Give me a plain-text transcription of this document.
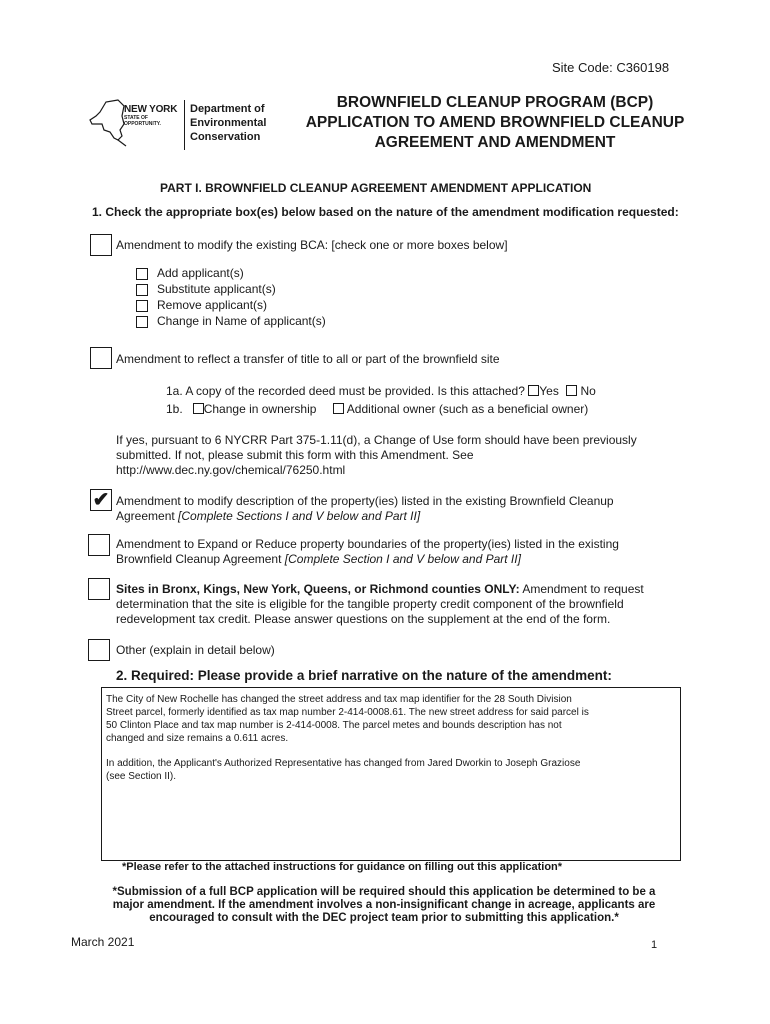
Site Code: C360198
NEW YORK
STATE OF
OPPORTUNITY.
Department of
Environmental
Conservation
BROWNFIELD CLEANUP PROGRAM (BCP)
APPLICATION TO AMEND BROWNFIELD CLEANUP
AGREEMENT AND AMENDMENT
PART I. BROWNFIELD CLEANUP AGREEMENT AMENDMENT APPLICATION
1. Check the appropriate box(es) below based on the nature of the amendment modification requested:
Amendment to modify the existing BCA: [check one or more boxes below]
Add applicant(s)
Substitute applicant(s)
Remove applicant(s)
Change in Name of applicant(s)
Amendment to reflect a transfer of title to all or part of the brownfield site
1a. A copy of the recorded deed must be provided. Is this attached? Yes No
1b. Change in ownership	Additional owner (such as a beneficial owner)
If yes, pursuant to 6 NYCRR Part 375-1.11(d), a Change of Use form should have been previously
submitted. If not, please submit this form with this Amendment. See
http://www.dec.ny.gov/chemical/76250.html
✔ Amendment to modify description of the property(ies) listed in the existing Brownfield Cleanup
Agreement [Complete Sections I and V below and Part II]
Amendment to Expand or Reduce property boundaries of the property(ies) listed in the existing
Brownfield Cleanup Agreement [Complete Section I and V below and Part II]
Sites in Bronx, Kings, New York, Queens, or Richmond counties ONLY: Amendment to request
determination that the site is eligible for the tangible property credit component of the brownfield
redevelopment tax credit. Please answer questions on the supplement at the end of the form.
Other (explain in detail below)
2. Required: Please provide a brief narrative on the nature of the amendment:

The City of New Rochelle has changed the street address and tax map identifier for the 28 South Division
Street parcel, formerly identified as tax map number 2-414-0008.61. The new street address for said parcel is
50 Clinton Place and tax map number is 2-414-0008. The parcel metes and bounds description has not
changed and size remains a 0.611 acres.

In addition, the Applicant's Authorized Representative has changed from Jared Dworkin to Joseph Graziose
(see Section II).

*Please refer to the attached instructions for guidance on filling out this application*
*Submission of a full BCP application will be required should this application be determined to be a
major amendment. If the amendment involves a non-insignificant change in acreage, applicants are
encouraged to consult with the DEC project team prior to submitting this application.*
March 2021	1
